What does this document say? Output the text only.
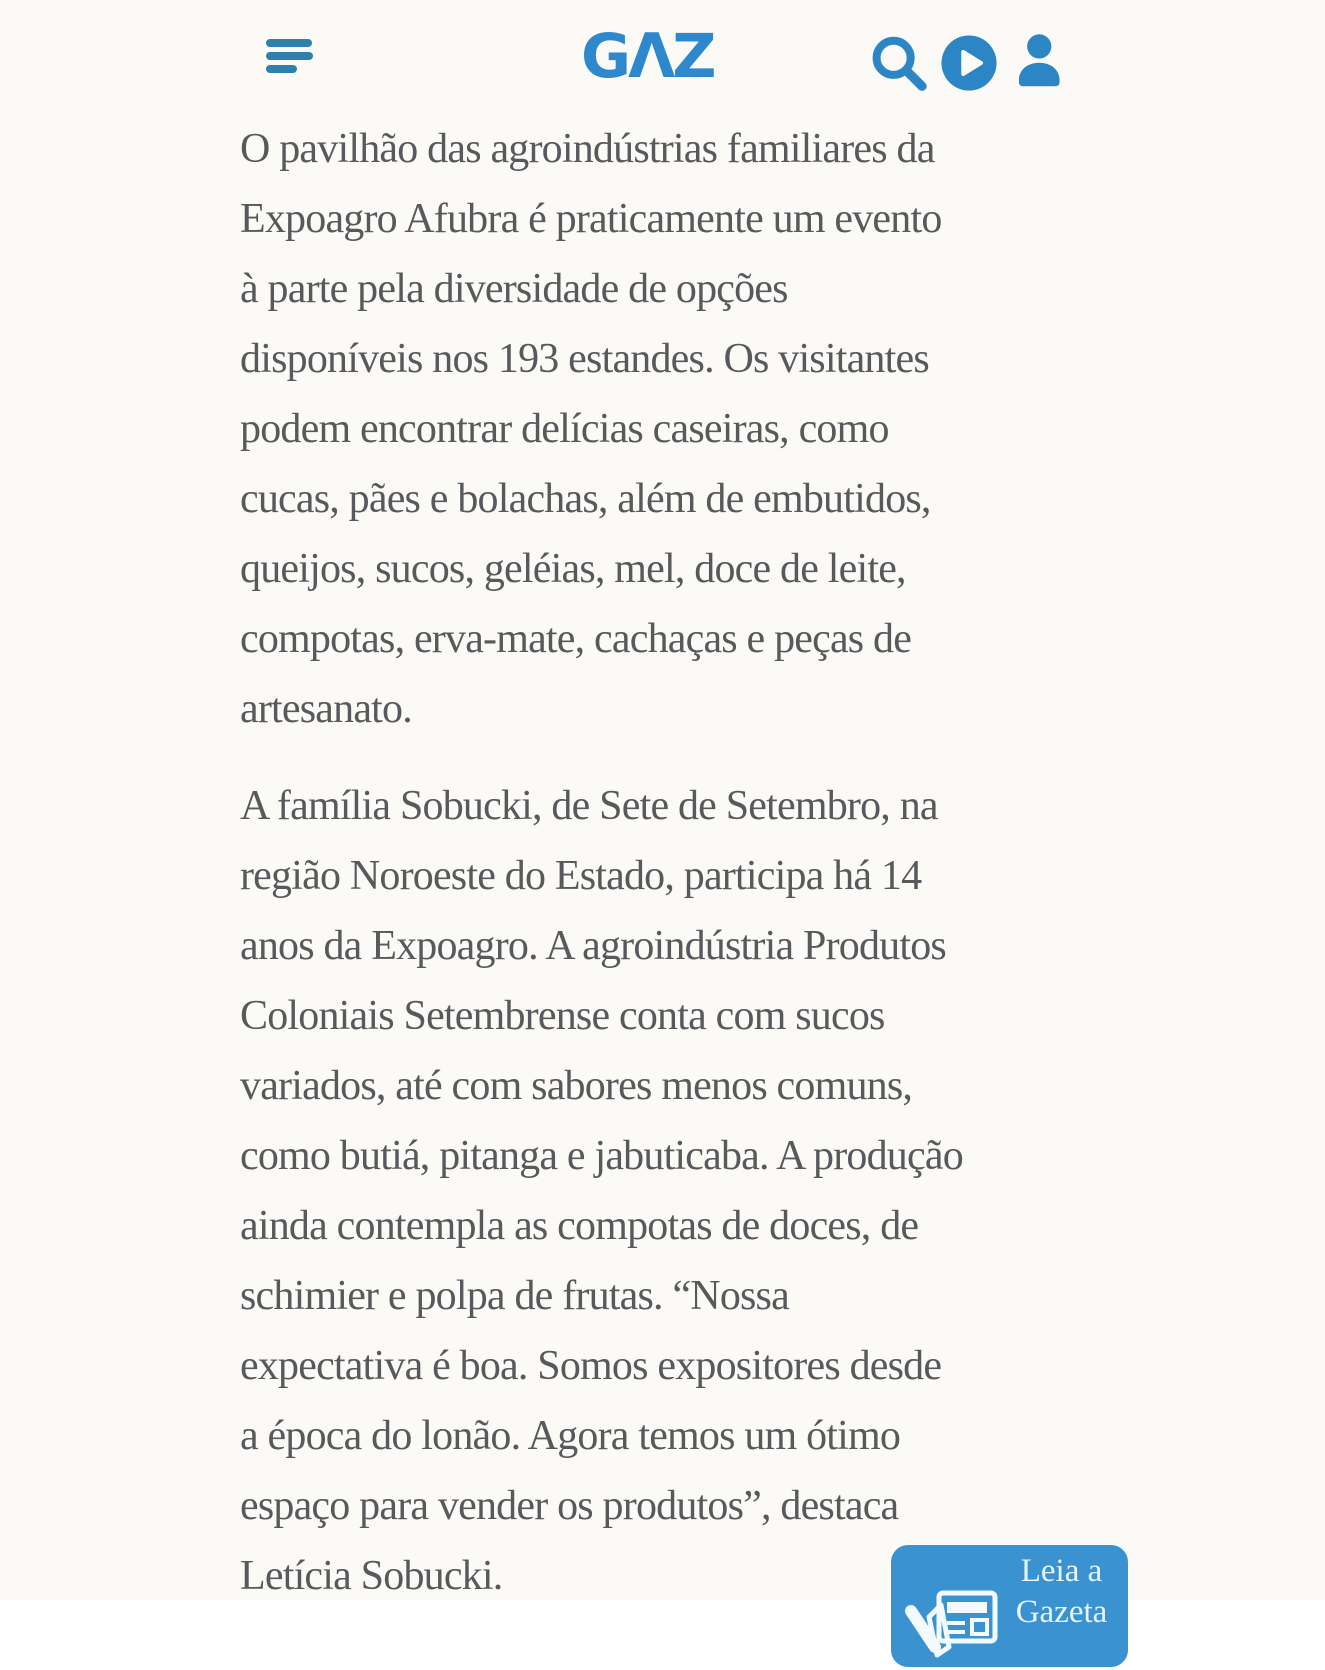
GΛZ

O pavilhão das agroindústrias familiares da
Expoagro Afubra é praticamente um evento
à parte pela diversidade de opções
disponíveis nos 193 estandes. Os visitantes
podem encontrar delícias caseiras, como
cucas, pães e bolachas, além de embutidos,
queijos, sucos, geléias, mel, doce de leite,
compotas, erva-mate, cachaças e peças de
artesanato.

A família Sobucki, de Sete de Setembro, na
região Noroeste do Estado, participa há 14
anos da Expoagro. A agroindústria Produtos
Coloniais Setembrense conta com sucos
variados, até com sabores menos comuns,
como butiá, pitanga e jabuticaba. A produção
ainda contempla as compotas de doces, de
schimier e polpa de frutas. “Nossa
expectativa é boa. Somos expositores desde
a época do lonão. Agora temos um ótimo
espaço para vender os produtos”, destaca
Letícia Sobucki.	Leia a
Gazeta
